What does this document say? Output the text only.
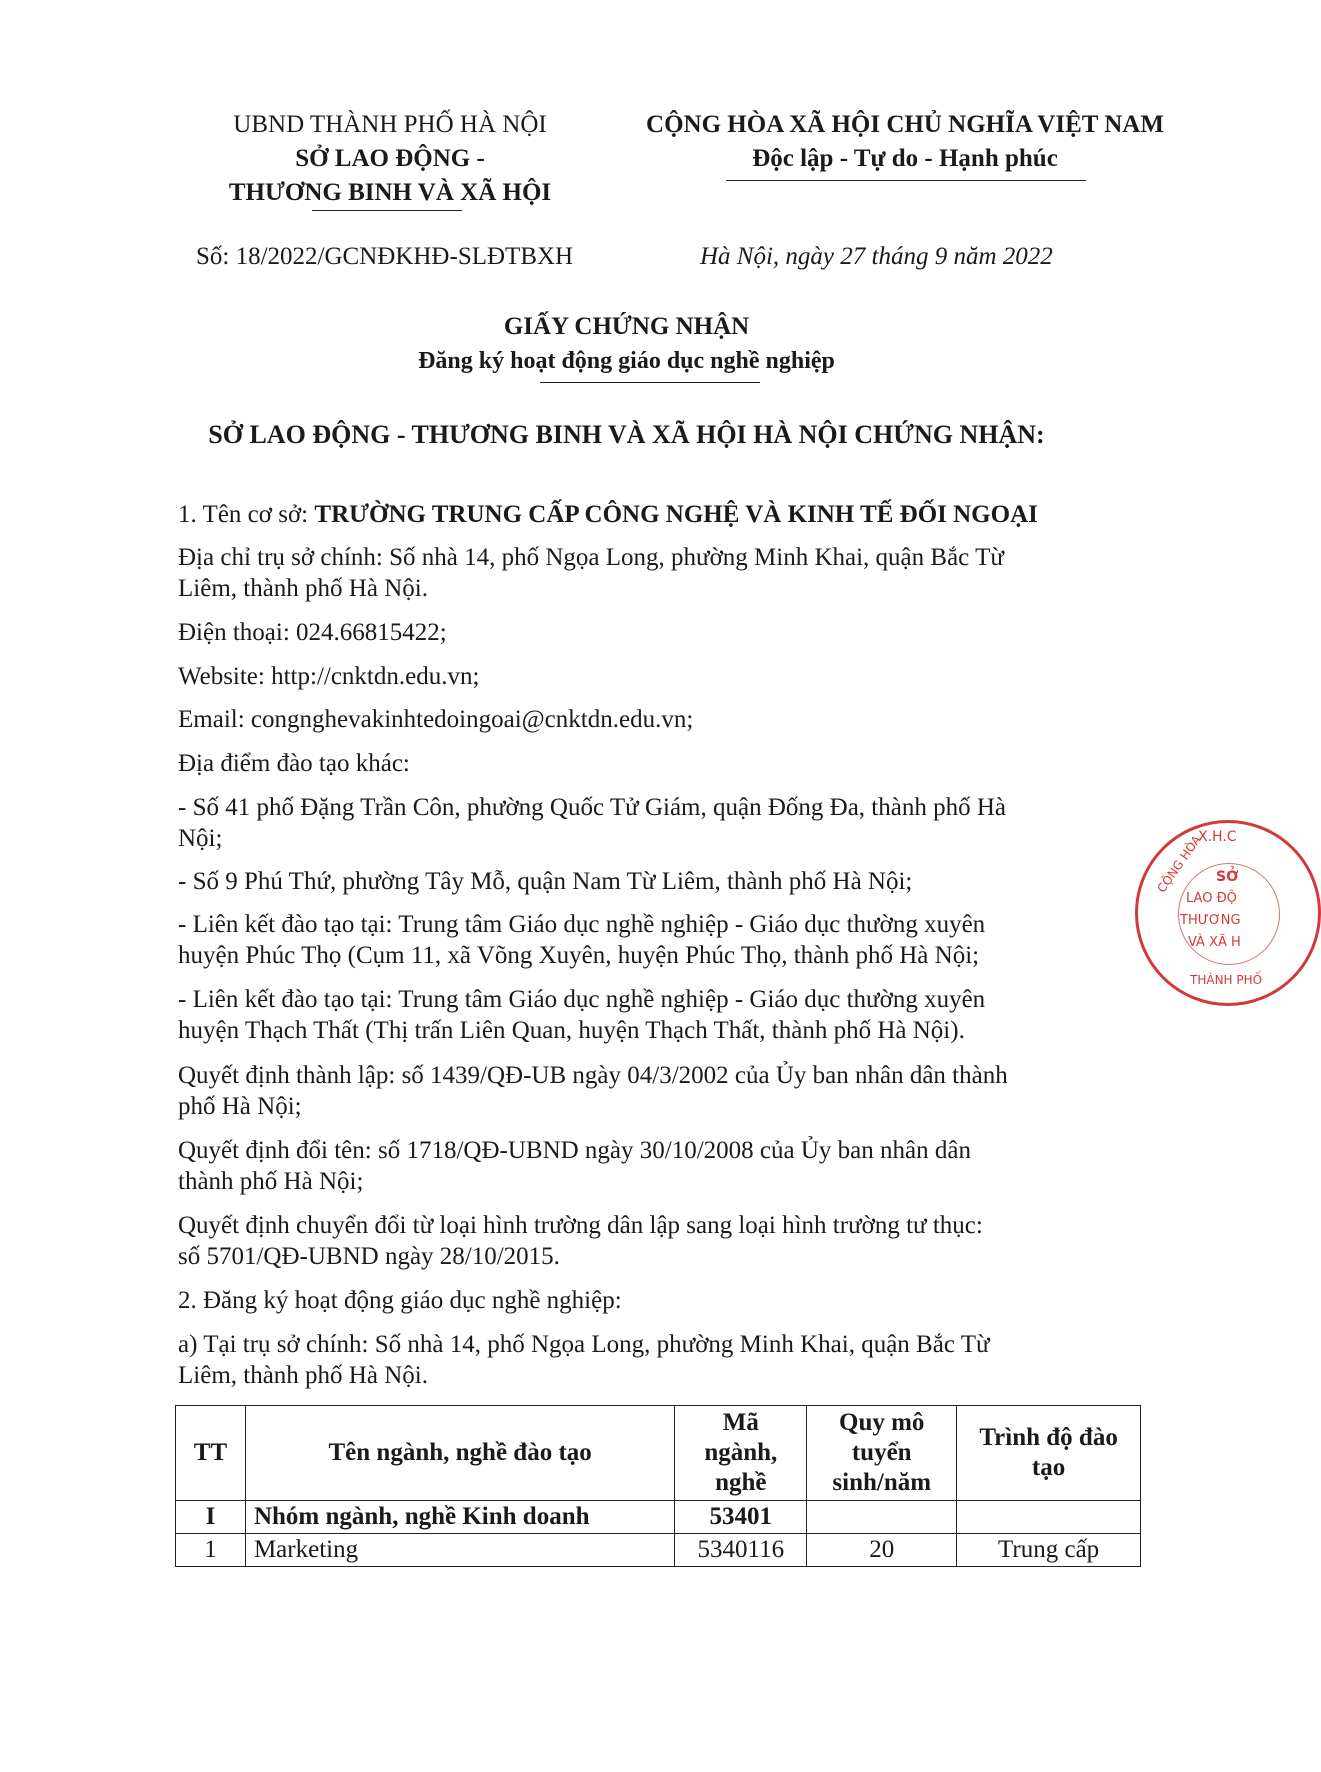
UBND THÀNH PHỐ HÀ NỘI
SỞ LAO ĐỘNG -
THƯƠNG BINH VÀ XÃ HỘI
CỘNG HÒA XÃ HỘI CHỦ NGHĨA VIỆT NAM
Độc lập - Tự do - Hạnh phúc
Số: 18/2022/GCNĐKHĐ-SLĐTBXH	Hà Nội, ngày 27 tháng 9 năm 2022
GIẤY CHỨNG NHẬN
Đăng ký hoạt động giáo dục nghề nghiệp
SỞ LAO ĐỘNG - THƯƠNG BINH VÀ XÃ HỘI HÀ NỘI CHỨNG NHẬN:
1. Tên cơ sở: TRƯỜNG TRUNG CẤP CÔNG NGHỆ VÀ KINH TẾ ĐỐI NGOẠI
Địa chỉ trụ sở chính: Số nhà 14, phố Ngọa Long, phường Minh Khai, quận Bắc Từ
Liêm, thành phố Hà Nội.
Điện thoại: 024.66815422;
Website: http://cnktdn.edu.vn;
Email: congnghevakinhtedoingoai@cnktdn.edu.vn;
Địa điểm đào tạo khác:
- Số 41 phố Đặng Trần Côn, phường Quốc Tử Giám, quận Đống Đa, thành phố Hà
Nội;
- Số 9 Phú Thứ, phường Tây Mỗ, quận Nam Từ Liêm, thành phố Hà Nội;
- Liên kết đào tạo tại: Trung tâm Giáo dục nghề nghiệp - Giáo dục thường xuyên
huyện Phúc Thọ (Cụm 11, xã Võng Xuyên, huyện Phúc Thọ, thành phố Hà Nội;
- Liên kết đào tạo tại: Trung tâm Giáo dục nghề nghiệp - Giáo dục thường xuyên
huyện Thạch Thất (Thị trấn Liên Quan, huyện Thạch Thất, thành phố Hà Nội).
Quyết định thành lập: số 1439/QĐ-UB ngày 04/3/2002 của Ủy ban nhân dân thành
phố Hà Nội;
Quyết định đổi tên: số 1718/QĐ-UBND ngày 30/10/2008 của Ủy ban nhân dân
thành phố Hà Nội;
Quyết định chuyển đổi từ loại hình trường dân lập sang loại hình trường tư thục:
số 5701/QĐ-UBND ngày 28/10/2015.
2. Đăng ký hoạt động giáo dục nghề nghiệp:
a) Tại trụ sở chính: Số nhà 14, phố Ngọa Long, phường Minh Khai, quận Bắc Từ
Liêm, thành phố Hà Nội.
TT	Tên ngành, nghề đào tạo	Mã ngành, nghề	Quy mô tuyển sinh/năm	Trình độ đào tạo
I	Nhóm ngành, nghề Kinh doanh	53401		
1	Marketing	5340116	20	Trung cấp
X.H.C
CỘNG HÒA SỞ
LAO ĐỘ
THƯƠNG
VÀ XÃ H
THÀNH PHỐ
